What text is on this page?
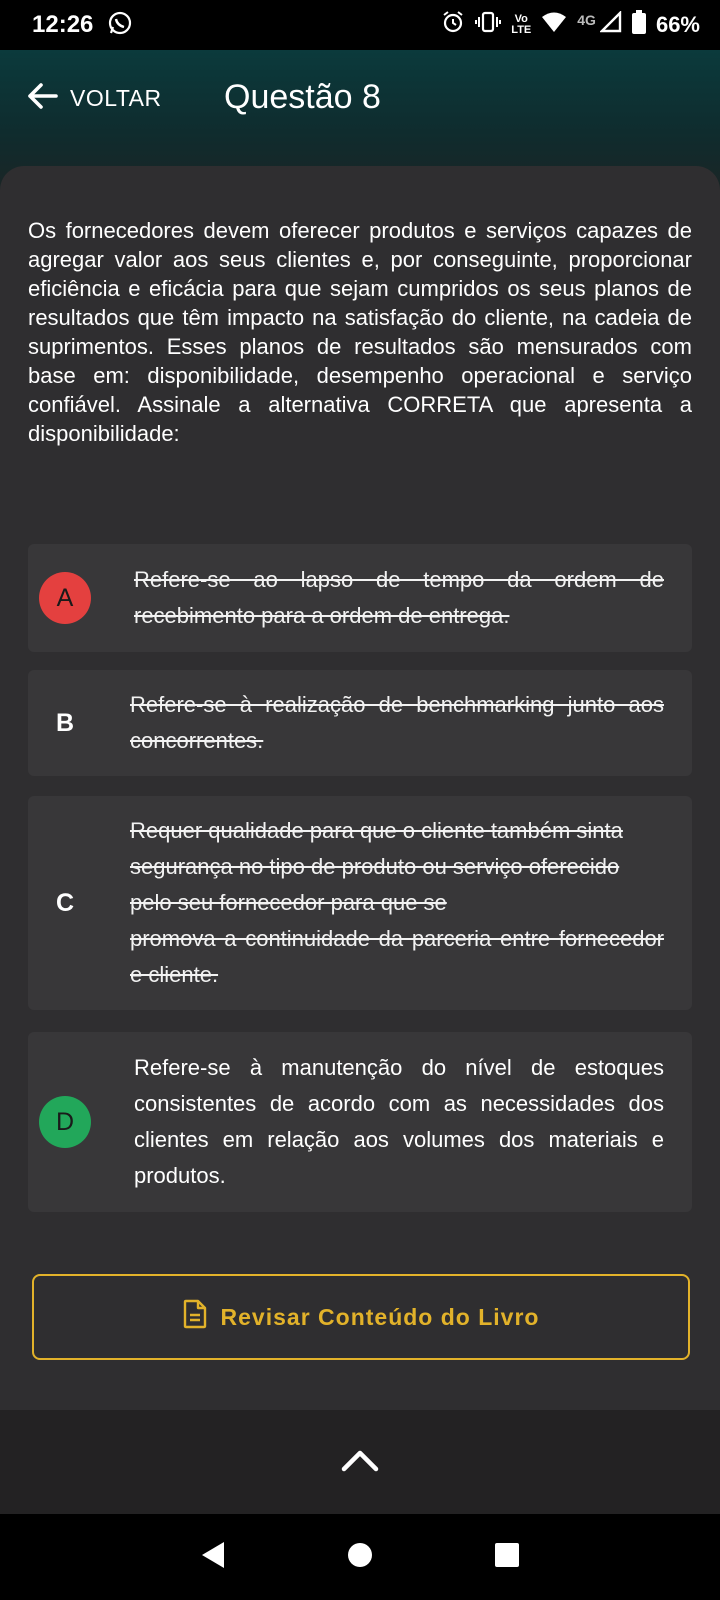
12:26	Vo
LTE
4G	66%
VOLTAR Questão 8

Os fornecedores devem oferecer produtos e serviços capazes de agregar valor aos seus clientes e, por conseguinte, proporcionar eficiência e eficácia para que sejam cumpridos os seus planos de resultados que têm impacto na satisfação do cliente, na cadeia de suprimentos. Esses planos de resultados são mensurados com base em: disponibilidade, desempenho operacional e serviço confiável. Assinale a alternativa CORRETA que apresenta a disponibilidade:

A
Refere-se ao lapso de tempo da ordem de recebimento para a ordem de entrega.
B
Refere-se à realização de benchmarking junto aos concorrentes.
C
Requer qualidade para que o cliente também sinta segurança no tipo de produto ou serviço oferecido pelo seu fornecedor para que se
promova a continuidade da parceria entre fornecedor e cliente.
D
Refere-se à manutenção do nível de estoques consistentes de acordo com as necessidades dos clientes em relação aos volumes dos materiais e produtos.
Revisar Conteúdo do Livro
